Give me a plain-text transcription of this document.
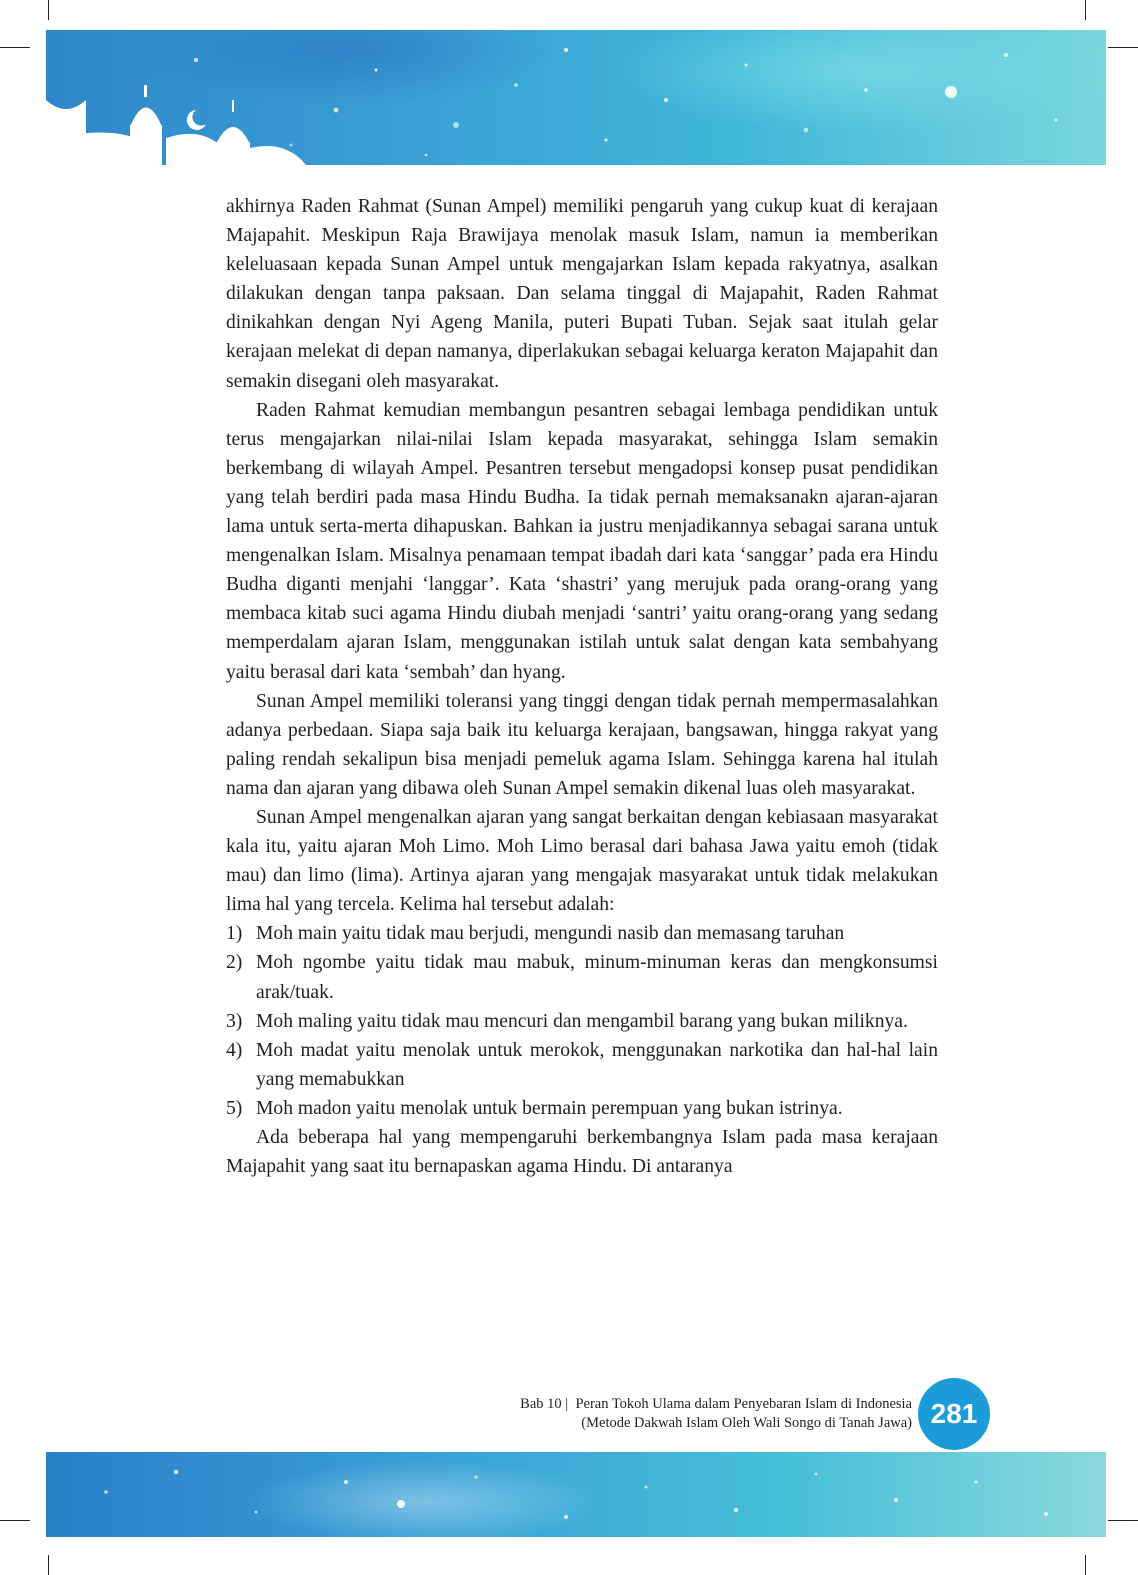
akhirnya Raden Rahmat (Sunan Ampel) memiliki pengaruh yang cukup kuat di kerajaan Majapahit. Meskipun Raja Brawijaya menolak masuk Islam, namun ia memberikan keleluasaan kepada Sunan Ampel untuk mengajarkan Islam kepada rakyatnya, asalkan dilakukan dengan tanpa paksaan. Dan selama tinggal di Majapahit, Raden Rahmat dinikahkan dengan Nyi Ageng Manila, puteri Bupati Tuban. Sejak saat itulah gelar kerajaan melekat di depan namanya, diperlakukan sebagai keluarga keraton Majapahit dan semakin disegani oleh masyarakat.

Raden Rahmat kemudian membangun pesantren sebagai lembaga pendidikan untuk terus mengajarkan nilai-nilai Islam kepada masyarakat, sehingga Islam semakin berkembang di wilayah Ampel. Pesantren tersebut mengadopsi konsep pusat pendidikan yang telah berdiri pada masa Hindu Budha. Ia tidak pernah memaksanakn ajaran-ajaran lama untuk serta-merta dihapuskan. Bahkan ia justru menjadikannya sebagai sarana untuk mengenalkan Islam. Misalnya penamaan tempat ibadah dari kata ‘sanggar’ pada era Hindu Budha diganti menjahi ‘langgar’. Kata ‘shastri’ yang merujuk pada orang-orang yang membaca kitab suci agama Hindu diubah menjadi ‘santri’ yaitu orang-orang yang sedang memperdalam ajaran Islam, menggunakan istilah untuk salat dengan kata sembahyang yaitu berasal dari kata ‘sembah’ dan hyang.

Sunan Ampel memiliki toleransi yang tinggi dengan tidak pernah mempermasalahkan adanya perbedaan. Siapa saja baik itu keluarga kerajaan, bangsawan, hingga rakyat yang paling rendah sekalipun bisa menjadi pemeluk agama Islam. Sehingga karena hal itulah nama dan ajaran yang dibawa oleh Sunan Ampel semakin dikenal luas oleh masyarakat.

Sunan Ampel mengenalkan ajaran yang sangat berkaitan dengan kebiasaan masyarakat kala itu, yaitu ajaran Moh Limo. Moh Limo berasal dari bahasa Jawa yaitu emoh (tidak mau) dan limo (lima). Artinya ajaran yang mengajak masyarakat untuk tidak melakukan lima hal yang tercela. Kelima hal tersebut adalah:

1) Moh main yaitu tidak mau berjudi, mengundi nasib dan memasang taruhan
2) Moh ngombe yaitu tidak mau mabuk, minum-minuman keras dan mengkonsumsi arak/tuak.
3) Moh maling yaitu tidak mau mencuri dan mengambil barang yang bukan miliknya.
4) Moh madat yaitu menolak untuk merokok, menggunakan narkotika dan hal-hal lain yang memabukkan
5) Moh madon yaitu menolak untuk bermain perempuan yang bukan istrinya.

Ada beberapa hal yang mempengaruhi berkembangnya Islam pada masa kerajaan Majapahit yang saat itu bernapaskan agama Hindu. Di antaranya

Bab 10 | Peran Tokoh Ulama dalam Penyebaran Islam di Indonesia
(Metode Dakwah Islam Oleh Wali Songo di Tanah Jawa) 281
